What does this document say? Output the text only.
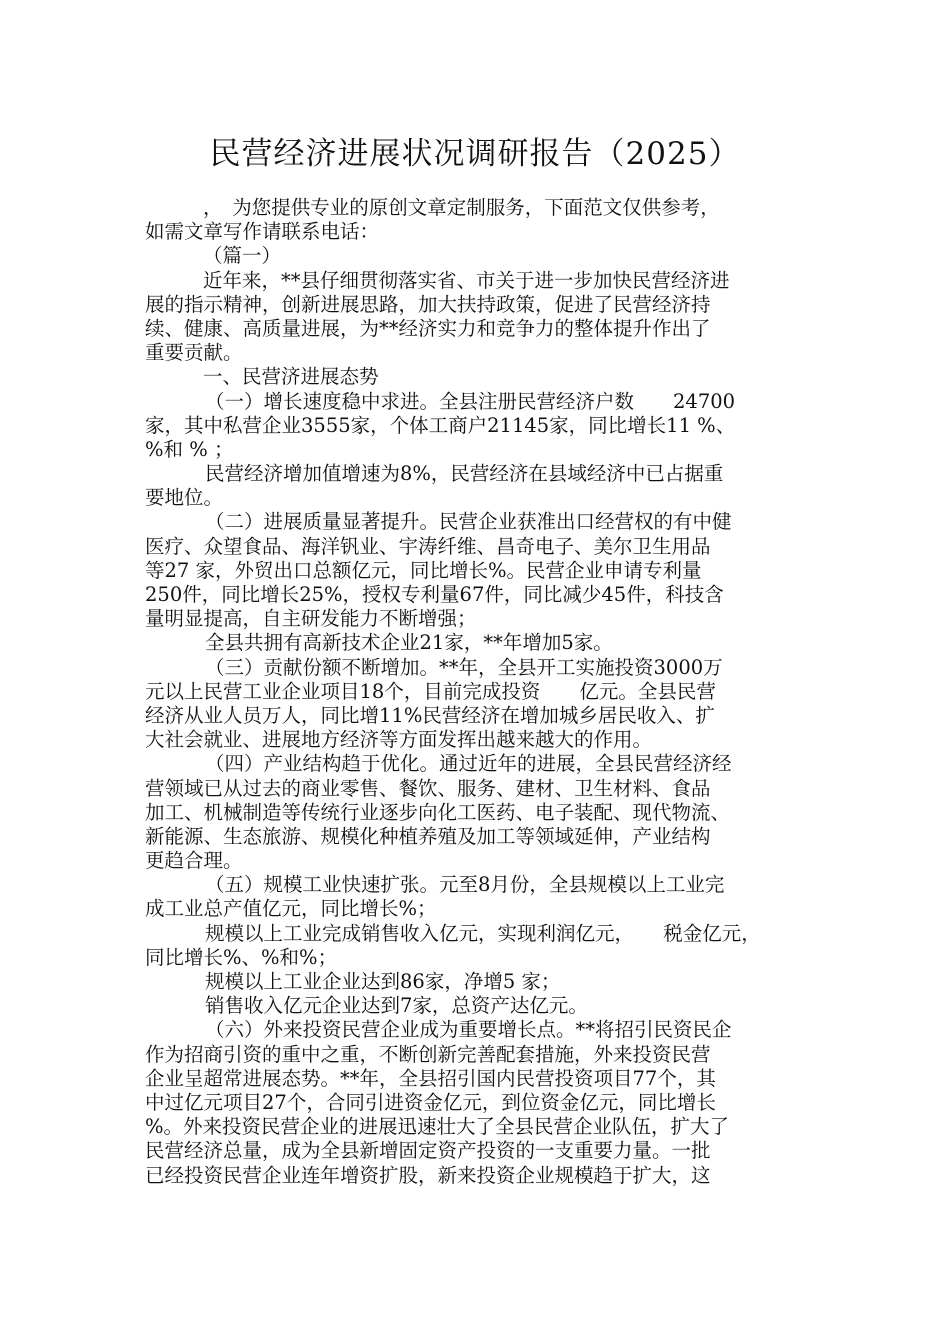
民营经济进展状况调研报告（2025）
，　为您提供专业的原创文章定制服务，下面范文仅供参考，
如需文章写作请联系电话：
（篇一）
近年来，**县仔细贯彻落实省、市关于进一步加快民营经济进
展的指示精神，创新进展思路，加大扶持政策，促进了民营经济持
续、健康、高质量进展，为**经济实力和竞争力的整体提升作出了
重要贡献。
一、民营济进展态势
（一）增长速度稳中求进。全县注册民营经济户数　　24700
家，其中私营企业3555家，个体工商户21145家，同比增长11 %、
%和 % ；
民营经济增加值增速为8%，民营经济在县域经济中已占据重
要地位。
（二）进展质量显著提升。民营企业获准出口经营权的有中健
医疗、众望食品、海洋钒业、宇涛纤维、昌奇电子、美尔卫生用品
等27 家，外贸出口总额亿元，同比增长%。民营企业申请专利量
250件，同比增长25%，授权专利量67件，同比减少45件，科技含
量明显提高，自主研发能力不断增强；
全县共拥有高新技术企业21家，**年增加5家。
（三）贡献份额不断增加。**年，全县开工实施投资3000万
元以上民营工业企业项目18个，目前完成投资　　亿元。全县民营
经济从业人员万人，同比增11%民营经济在增加城乡居民收入、扩
大社会就业、进展地方经济等方面发挥出越来越大的作用。
（四）产业结构趋于优化。通过近年的进展，全县民营经济经
营领域已从过去的商业零售、餐饮、服务、建材、卫生材料、食品
加工、机械制造等传统行业逐步向化工医药、电子装配、现代物流、
新能源、生态旅游、规模化种植养殖及加工等领域延伸，产业结构
更趋合理。
（五）规模工业快速扩张。元至8月份，全县规模以上工业完
成工业总产值亿元，同比增长%；
规模以上工业完成销售收入亿元，实现利润亿元，　　税金亿元，
同比增长%、%和%；
规模以上工业企业达到86家，净增5 家；
销售收入亿元企业达到7家，总资产达亿元。
（六）外来投资民营企业成为重要增长点。**将招引民资民企
作为招商引资的重中之重，不断创新完善配套措施，外来投资民营
企业呈超常进展态势。**年，全县招引国内民营投资项目77个，其
中过亿元项目27个，合同引进资金亿元，到位资金亿元，同比增长
%。外来投资民营企业的进展迅速壮大了全县民营企业队伍，扩大了
民营经济总量，成为全县新增固定资产投资的一支重要力量。一批
已经投资民营企业连年增资扩股，新来投资企业规模趋于扩大，这
